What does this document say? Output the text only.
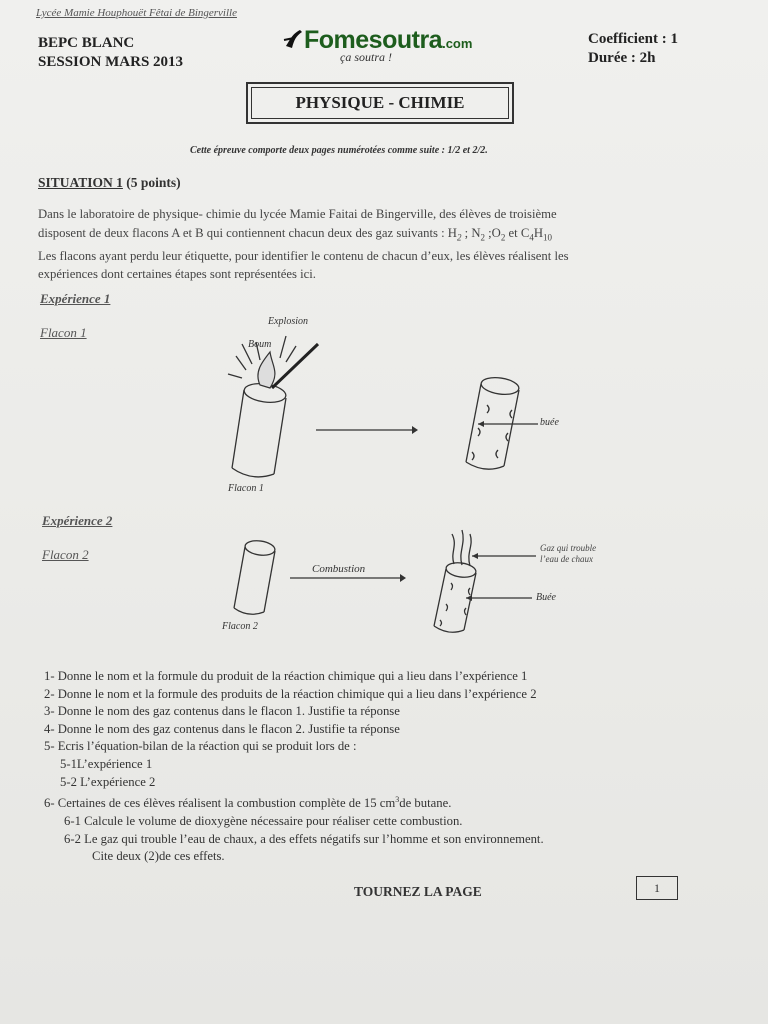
Lycée Mamie Houphouët Fêtai de Bingerville
BEPC BLANC
SESSION MARS 2013
Fomesoutra.com
ça soutra !
Coefficient : 1
Durée : 2h
PHYSIQUE - CHIMIE
Cette épreuve comporte deux pages numérotées comme suite : 1/2 et 2/2.
SITUATION 1 (5 points)
Dans le laboratoire de physique- chimie du lycée Mamie Faitai de Bingerville, des élèves de troisième
disposent de deux flacons A et B qui contiennent chacun deux des gaz suivants : $H_2$ ; $N_2$ $;O_2$ et $C_4H_{10}$
Les flacons ayant perdu leur étiquette, pour identifier le contenu de chacun d’eux, les élèves réalisent les
expériences dont certaines étapes sont représentées ici.
Expérience 1
Flacon 1
Explosion
Boum
buée
Flacon 1
Expérience 2
Flacon 2
Combustion
Gaz qui trouble
l’eau de chaux
Buée
Flacon 2
1- Donne le nom et la formule du produit de la réaction chimique qui a lieu dans l’expérience 1
2- Donne le nom et la formule des produits de la réaction chimique qui a lieu dans l’expérience 2
3- Donne le nom des gaz contenus dans le flacon 1. Justifie ta réponse
4- Donne le nom des gaz contenus dans le flacon 2. Justifie ta réponse
5- Ecris l’équation-bilan de la réaction qui se produit lors de :
5-1L’expérience 1
5-2 L’expérience 2
6- Certaines de ces élèves réalisent la combustion complète de 15 $cm^3de$ butane.
6-1 Calcule le volume de dioxygène nécessaire pour réaliser cette combustion.
6-2 Le gaz qui trouble l’eau de chaux, a des effets négatifs sur l’homme et son environnement.
Cite deux (2)de ces effets.
TOURNEZ LA PAGE	1
